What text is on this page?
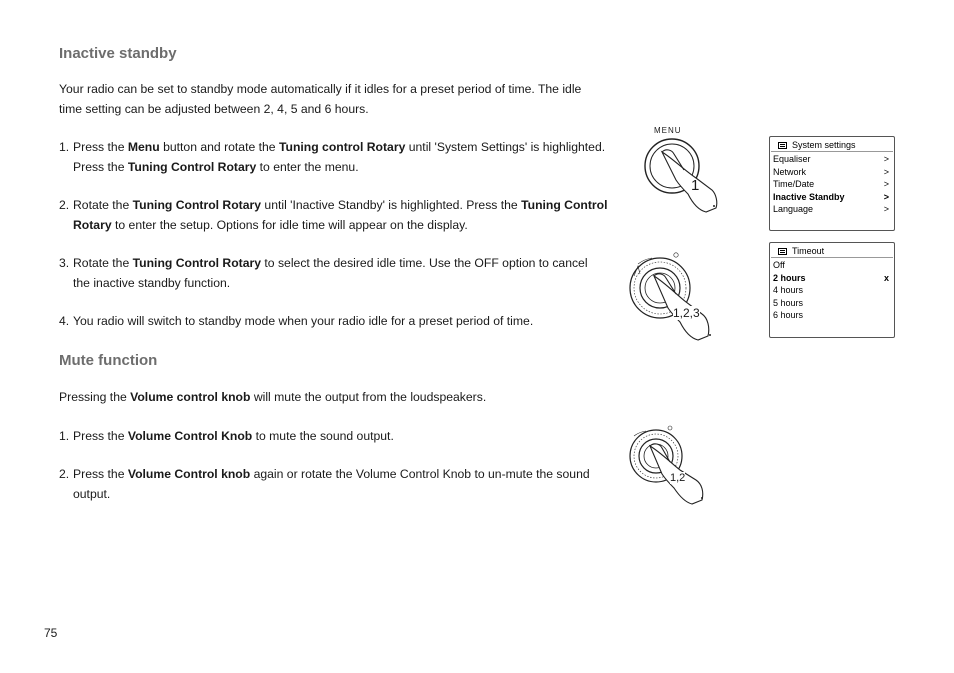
Inactive standby

Your radio can be set to standby mode automatically if it idles for a preset period of time. The idle
time setting can be adjusted between 2, 4, 5 and 6 hours.

1. Press the Menu button and rotate the Tuning control Rotary until 'System Settings' is highlighted.
Press the Tuning Control Rotary to enter the menu.
2. Rotate the Tuning Control Rotary until 'Inactive Standby' is highlighted. Press the Tuning Control
Rotary to enter the setup. Options for idle time will appear on the display.
3. Rotate the Tuning Control Rotary to select the desired idle time. Use the OFF option to cancel
the inactive standby function.
4. You radio will switch to standby mode when your radio idle for a preset period of time.
Mute function

Pressing the Volume control knob will mute the output from the loudspeakers.

1. Press the Volume Control Knob to mute the sound output.
2. Press the Volume Control knob again or rotate the Volume Control Knob to un-mute the sound
output.
75
MENU
1
System settings
Equaliser	>
Network	>
Time/Date	>
Inactive Standby	>
Language	>
1,2,3
Timeout
Off
2 hours	x
4 hours
5 hours
6 hours
1,2
